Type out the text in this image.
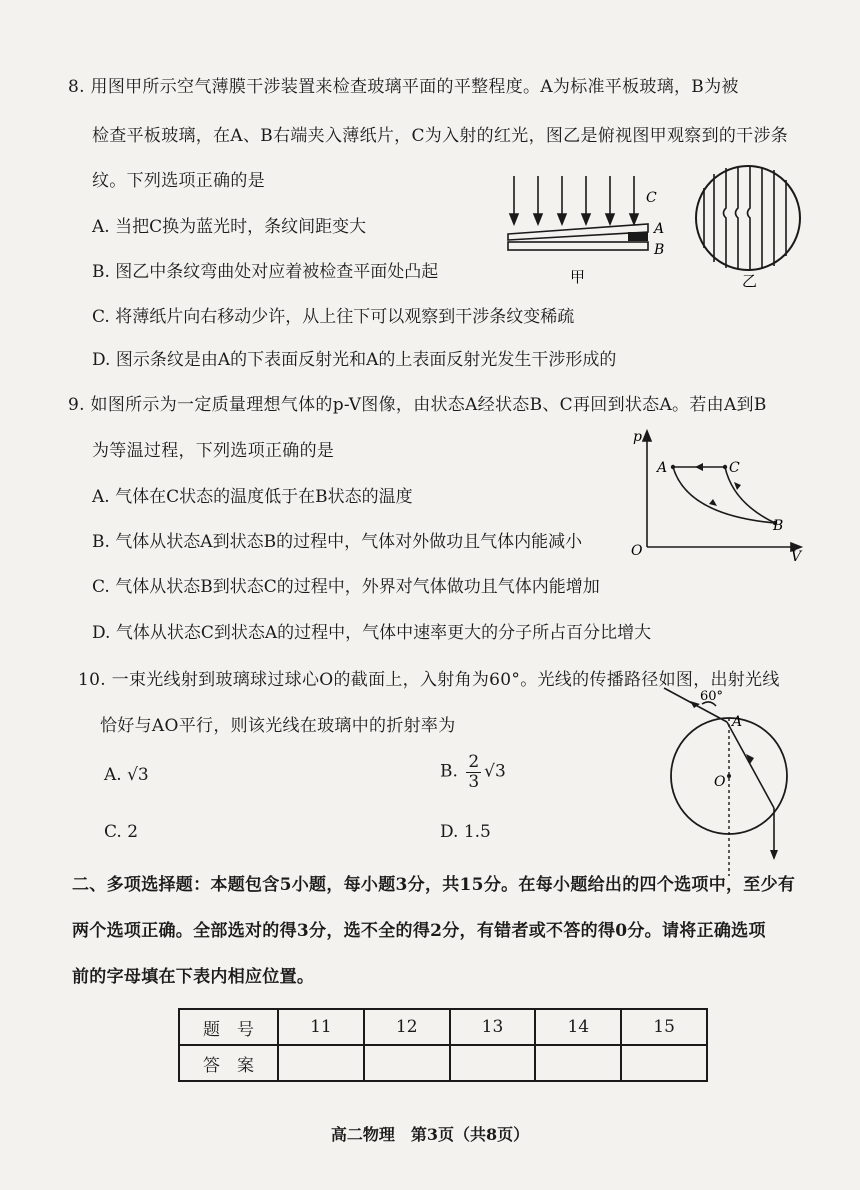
8. 用图甲所示空气薄膜干涉装置来检查玻璃平面的平整程度。A为标准平板玻璃，B为被
检查平板玻璃，在A、B右端夹入薄纸片，C为入射的红光，图乙是俯视图甲观察到的干涉条
纹。下列选项正确的是
A. 当把C换为蓝光时，条纹间距变大
B. 图乙中条纹弯曲处对应着被检查平面处凸起
C. 将薄纸片向右移动少许，从上往下可以观察到干涉条纹变稀疏
D. 图示条纹是由A的下表面反射光和A的上表面反射光发生干涉形成的
C
A
B
甲	乙
9. 如图所示为一定质量理想气体的p-V图像，由状态A经状态B、C再回到状态A。若由A到B
为等温过程，下列选项正确的是
A. 气体在C状态的温度低于在B状态的温度
B. 气体从状态A到状态B的过程中，气体对外做功且气体内能减小
C. 气体从状态B到状态C的过程中，外界对气体做功且气体内能增加
D. 气体从状态C到状态A的过程中，气体中速率更大的分子所占百分比增大
p
V
O
A	C
B
10. 一束光线射到玻璃球过球心O的截面上，入射角为60°。光线的传播路径如图，出射光线
恰好与AO平行，则该光线在玻璃中的折射率为
A. √3	B. $\frac{2}{3} √3$
C. 2	D. 1.5
60°
A
O
二、多项选择题：本题包含5小题，每小题3分，共15分。在每小题给出的四个选项中，至少有
两个选项正确。全部选对的得3分，选不全的得2分，有错者或不答的得0分。请将正确选项
前的字母填在下表内相应位置。
题　号	11	12	13	14	15
答　案					
高二物理　第3页（共8页）
